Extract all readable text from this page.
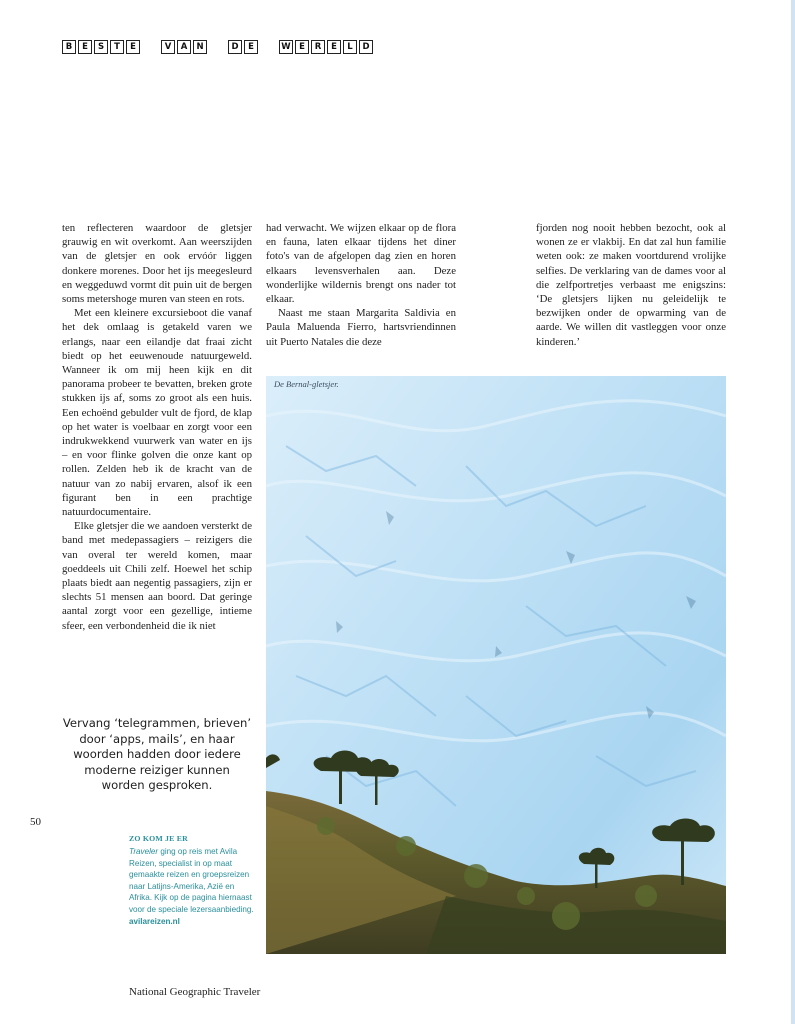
B	E	S	T	E	V	A	N	D	E	W E	R	E	L	D

ten reflecteren waardoor de gletsjer grauwig en wit overkomt. Aan weerszijden van de gletsjer en ook ervóór liggen donkere morenes. Door het ijs meegesleurd en weggeduwd vormt dit puin uit de bergen soms metershoge muren van steen en rots.

Met een kleinere excursieboot die vanaf het dek omlaag is getakeld varen we erlangs, naar een eilandje dat fraai zicht biedt op het eeuwenoude natuurgeweld. Wanneer ik om mij heen kijk en dit panorama probeer te bevatten, breken grote stukken ijs af, soms zo groot als een huis. Een echoënd gebulder vult de fjord, de klap op het water is voelbaar en zorgt voor een indrukwekkend vuurwerk van water en ijs – en voor flinke golven die onze kant op rollen. Zelden heb ik de kracht van de natuur van zo nabij ervaren, alsof ik een figurant ben in een prachtige natuurdocumentaire.

Elke gletsjer die we aandoen versterkt de band met medepassagiers – reizigers die van overal ter wereld komen, maar goeddeels uit Chili zelf. Hoewel het schip plaats biedt aan negentig passagiers, zijn er slechts 51 mensen aan boord. Dat geringe aantal zorgt voor een gezellige, intieme sfeer, een verbondenheid die ik niet

had verwacht. We wijzen elkaar op de flora en fauna, laten elkaar tijdens het diner foto's van de afgelopen dag zien en horen elkaars levensverhalen aan. Deze wonderlijke wildernis brengt ons nader tot elkaar.

Naast me staan Margarita Saldivia en Paula Maluenda Fierro, hartsvriendinnen uit Puerto Natales die deze

fjorden nog nooit hebben bezocht, ook al wonen ze er vlakbij. En dat zal hun familie weten ook: ze maken voortdurend vrolijke selfies. De verklaring van de dames voor al die zelfportretjes verbaast me enigszins: ‘De gletsjers lijken nu geleidelijk te bezwijken onder de opwarming van de aarde. We willen dit vastleggen voor onze kinderen.’

De Bernal-gletsjer.
Vervang ‘telegrammen, brieven’ door ‘apps, mails’, en haar woorden hadden door iedere moderne reiziger kunnen worden gesproken.
50
ZO KOM JE ER
Traveler ging op reis met Avila Reizen, specialist in op maat gemaakte reizen en groepsreizen naar Latijns-Amerika, Azië en Afrika. Kijk op de pagina hiernaast voor de speciale lezersaanbieding.
avilareizen.nl
National Geographic Traveler
